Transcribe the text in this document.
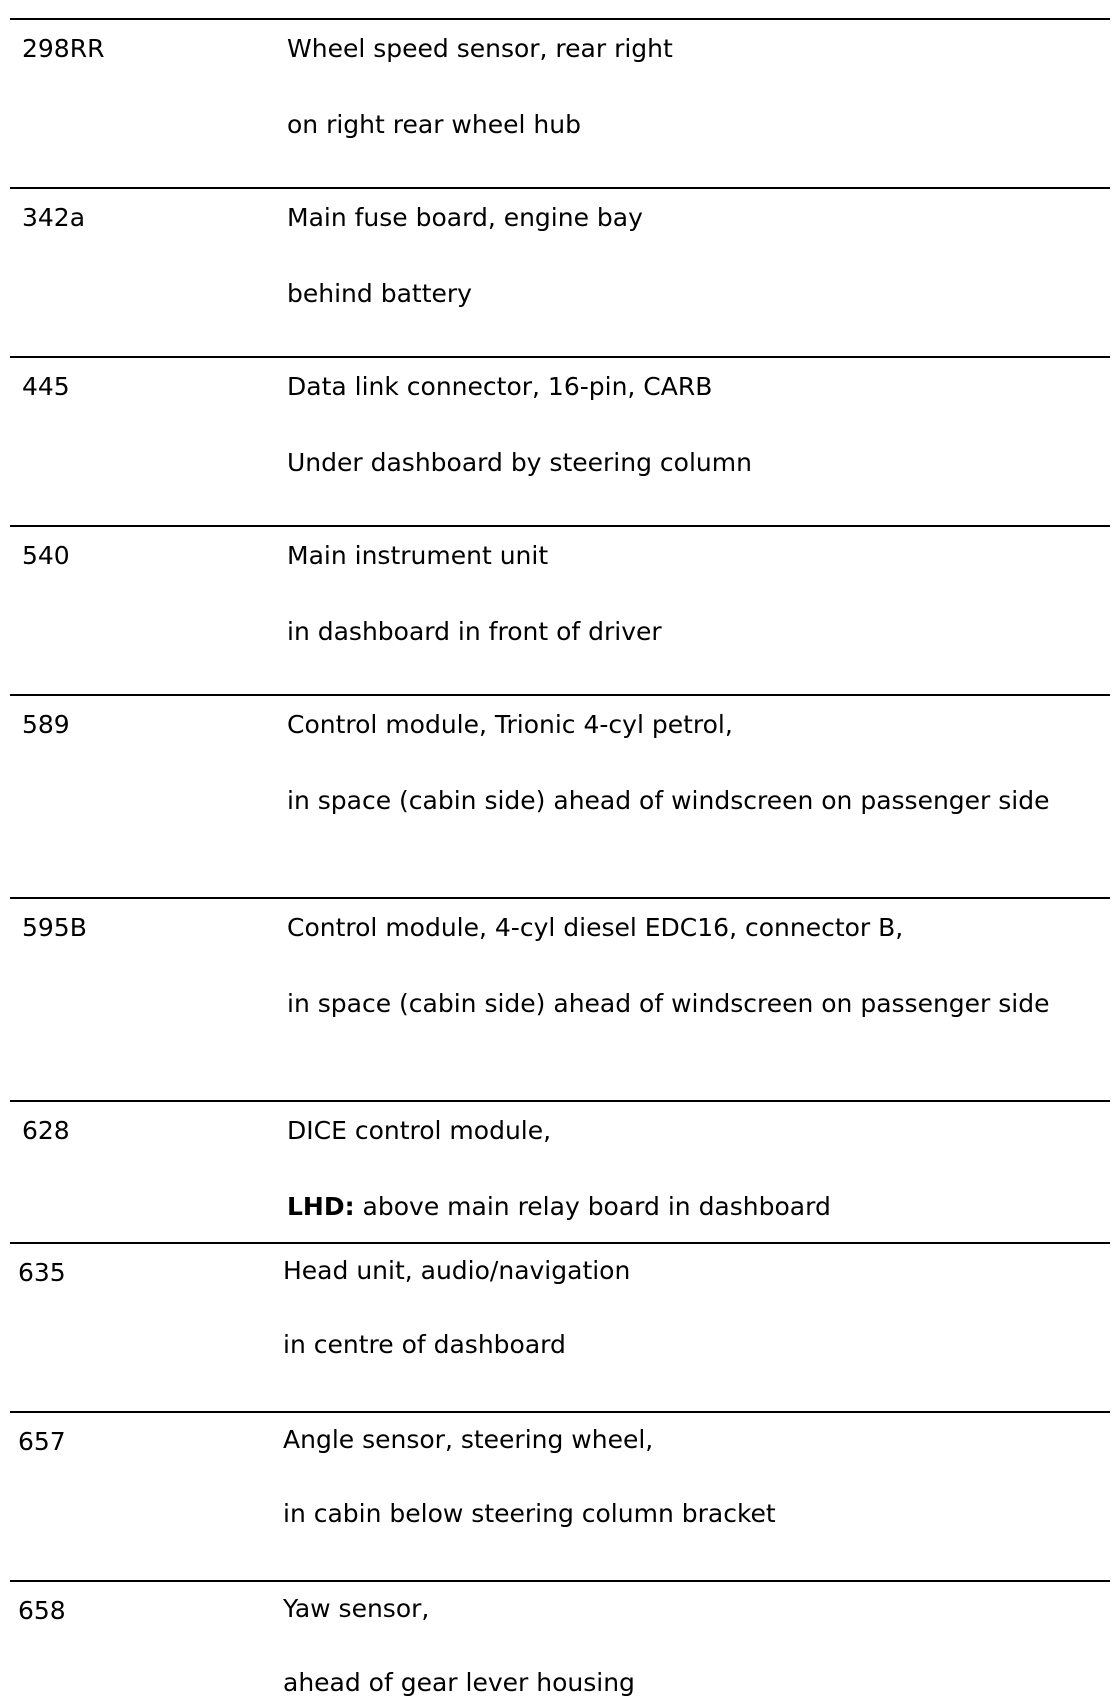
298RR	Wheel speed sensor, rear right
on right rear wheel hub
342a	Main fuse board, engine bay
behind battery
445	Data link connector, 16-pin, CARB
Under dashboard by steering column
540	Main instrument unit
in dashboard in front of driver
589	Control module, Trionic 4-cyl petrol,
in space (cabin side) ahead of windscreen on passenger side
595B	Control module, 4-cyl diesel EDC16, connector B,
in space (cabin side) ahead of windscreen on passenger side
628	DICE control module,
LHD: above main relay board in dashboard
635	Head unit, audio/navigation
in centre of dashboard
657	Angle sensor, steering wheel,
in cabin below steering column bracket
658	Yaw sensor,
ahead of gear lever housing
